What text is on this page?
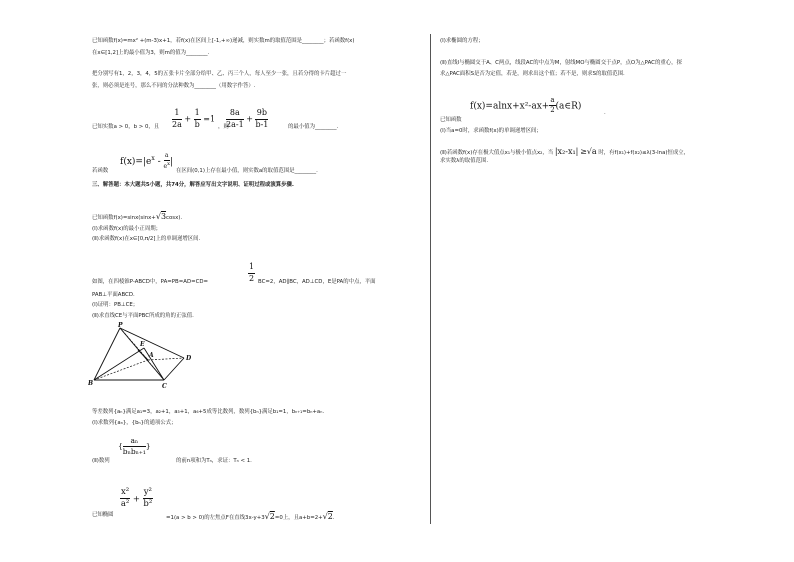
已知函数f(x)=mx² +(m-3)x+1，若f(x)在区间上[-1,+∞)递减，则实数m的取值范围是________；若函数f(x)
在x∈[1,2]上的最小值为3，则m的值为________.
把分别写有1，2，3，4，5的五张卡片全部分给甲、乙、丙三个人，每人至少一张，且若分得的卡片超过一
张，则必须是连号，那么不同的分法种数为________（用数字作答）.
已知实数a > 0，b > 0，且 $\frac{1}{2a} + \frac{1}{b} =1$
，则
$\frac{8a}{2a-1} + \frac{9b}{b-1}$	的最小值为________.
$f(x)=|e^x - \frac{a}{e^x}$ |
若函数	在区间(0,1)上存在最小值，则实数a的取值范围是________.
三、解答题：本大题共5小题，共74分，解答应写出文字说明、证明过程或演算步骤.
已知函数f(x)=sinx(sinx+√3cosx).
(Ⅰ)求函数f(x)的最小正周期；
(Ⅱ)求函数f(x)在x∈[0,π/2]上的单调递增区间.
如图，在四棱锥P-ABCD中，PA=PB=AD=CD=	$\frac{1}{2} BC=2$，AD∥BC，AD⊥CD，E是PA的中点，平面
PAB⊥平面ABCD.
(Ⅰ)证明：PB⊥CE；
(Ⅱ)求直线CE与平面PBC所成的角的正弦值.
P
E
A	D
B	C
等差数列{aₙ}满足a₁=3，a₂+1，a₃+1，a₆+5成等比数列，数列{bₙ}满足b₁=1，bₙ₊₁=bₙ+aₙ.
(Ⅰ)求数列{aₙ}，{bₙ}的通项公式；
{ $\frac{\text{aₙ}}{\text{bₙbₙ₊₁}}$ }
(Ⅱ)数列	的前n项和为Tₙ，求证：Tₙ < 1.
$\frac{\text{x²}}{\text{a²}} + \frac{\text{y²}}{\text{b²}}$
已知椭圆	=1(a > b > 0)的左焦点F在直线3x-y+3√2=0上，且a+b=2+√2.
(Ⅰ)求椭圆的方程；
(Ⅱ)直线l与椭圆交于A、C两点，线段AC的中点为M，射线MO与椭圆交于点P，点O为△PAC的重心，探
求△PAC面积S是否为定值，若是，则求出这个值；若不是，则求S的取值范围.
$f(x)=alnx+x^2-ax+ \frac{a}{2}$ (a∈R)
已知函数
.
(Ⅰ)当a=0时，求函数f(x)的单调递增区间；
(Ⅱ)若函数f(x)存在极大值点x₁与极小值点x₂，当 |x₂-x₁| ≥√a 时，有f(x₁)+f(x₂)≤λ(3-lna)恒成立，
求实数λ的取值范围.
